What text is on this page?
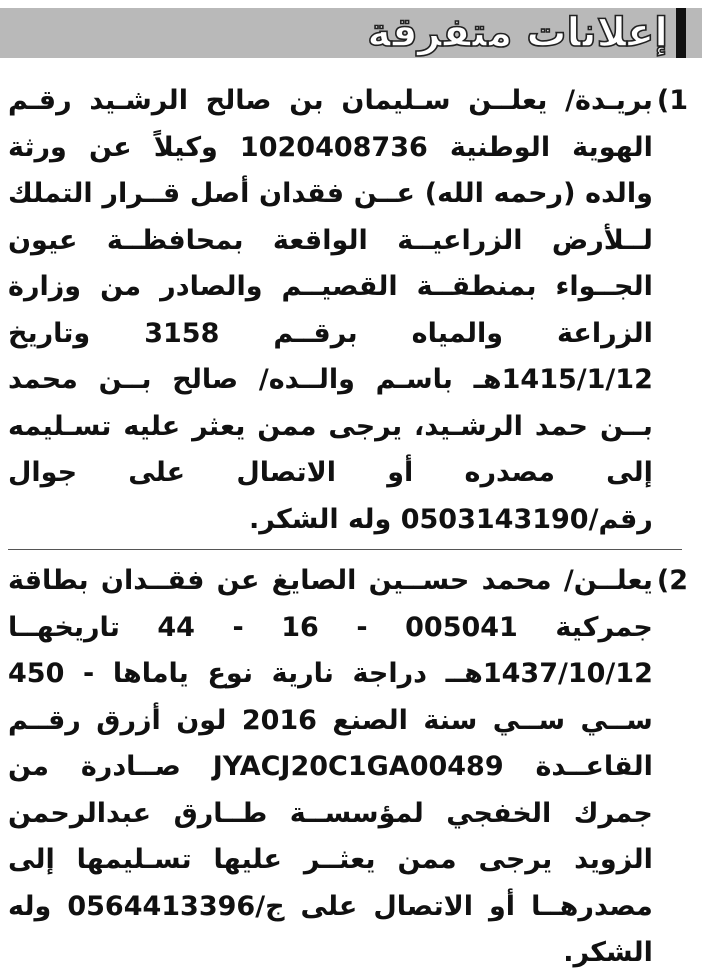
إعلانات متفرقة
1)
بريـدة/ يعلــن سـليمان بن صالح الرشـيد رقـم الهوية الوطنية 1020408736 وكيلاً عن ورثة والده (رحمه الله) عــن فقدان أصل قــرار التملك لــلأرض الزراعيــة الواقعة بمحافظــة عيون الجــواء بمنطقــة القصيــم والصادر من وزارة الزراعة والمياه برقــم 3158 وتاريخ 1415/1/12هـ باسـم والــده/ صالح بــن محمد بــن حمد الرشـيد، يرجى ممن يعثر عليه تسـليمه إلى مصدره أو الاتصال على جوال رقم/0503143190 وله الشكر.
2)
يعلــن/ محمد حســين الصايغ عن فقــدان بطاقة جمركية 005041 - 16 - 44 تاريخهــا 1437/10/12هــ دراجة نارية نوع ياماها - 450 ســي ســي سنة الصنع 2016 لون أزرق رقــم القاعــدة JYACJ20C1GA00489 صــادرة من جمرك الخفجي لمؤسســة طــارق عبدالرحمن الزويد يرجى ممن يعثــر عليها تسـليمها إلى مصدرهــا أو الاتصال على ج/0564413396 وله الشكر.
